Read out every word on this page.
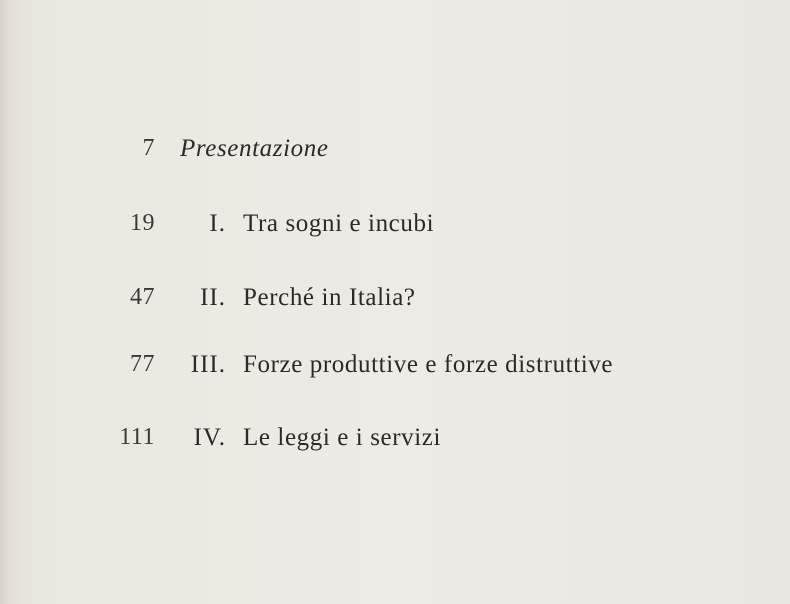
7 Presentazione
19	I. Tra sogni e incubi
47	II. Perché in Italia?
77	III. Forze produttive e forze distruttive
111	IV. Le leggi e i servizi
